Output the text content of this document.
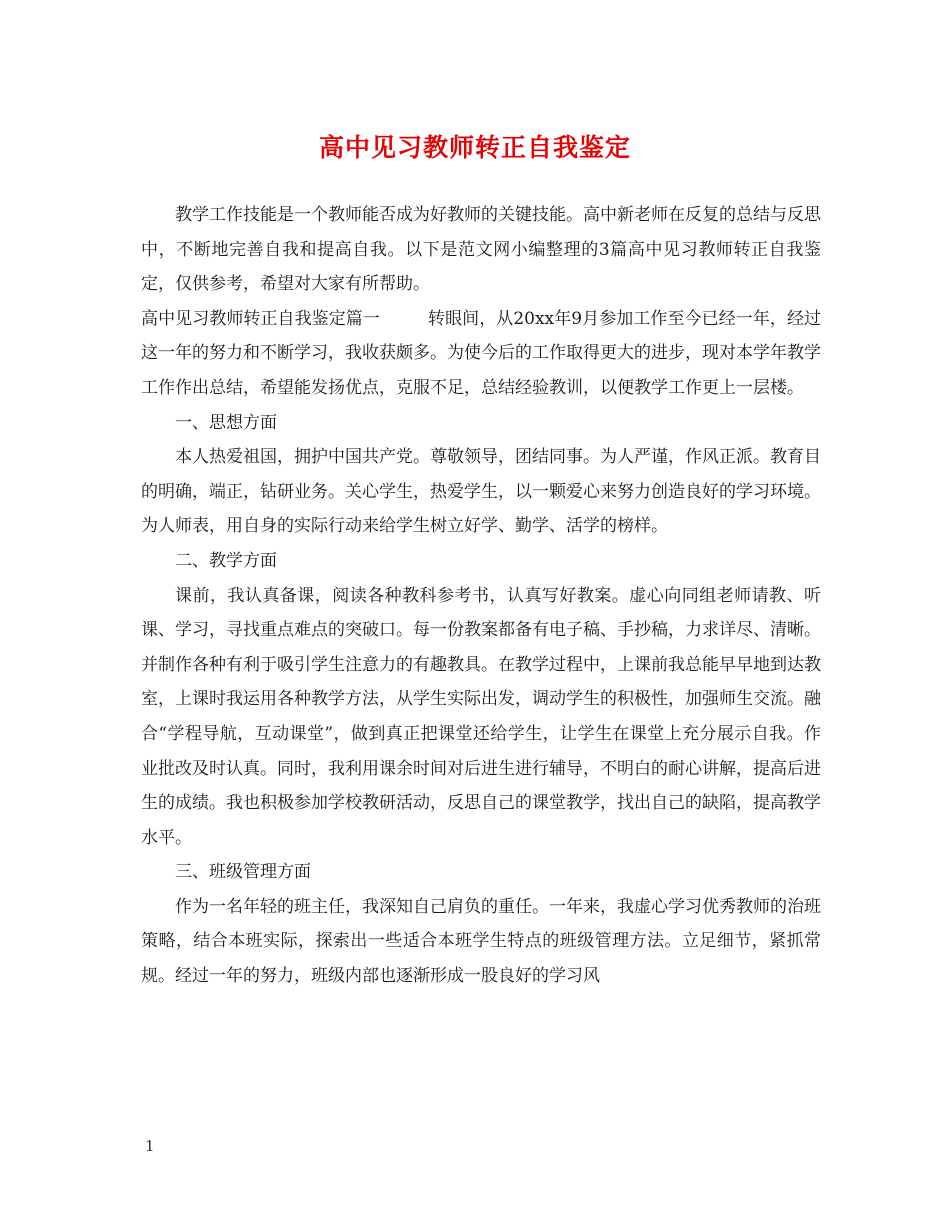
高中见习教师转正自我鉴定

教学工作技能是一个教师能否成为好教师的关键技能。高中新老师在反复的总结与反思中，不断地完善自我和提高自我。以下是范文网小编整理的3篇高中见习教师转正自我鉴定，仅供参考，希望对大家有所帮助。

高中见习教师转正自我鉴定篇一	转眼间，从20xx年9月参加工作至今已经一年，经过这一年的努力和不断学习，我收获颇多。为使今后的工作取得更大的进步，现对本学年教学工作作出总结，希望能发扬优点，克服不足，总结经验教训，以便教学工作更上一层楼。

一、思想方面

本人热爱祖国，拥护中国共产党。尊敬领导，团结同事。为人严谨，作风正派。教育目的明确，端正，钻研业务。关心学生，热爱学生，以一颗爱心来努力创造良好的学习环境。为人师表，用自身的实际行动来给学生树立好学、勤学、活学的榜样。

二、教学方面

课前，我认真备课，阅读各种教科参考书，认真写好教案。虚心向同组老师请教、听课、学习，寻找重点难点的突破口。每一份教案都备有电子稿、手抄稿，力求详尽、清晰。并制作各种有利于吸引学生注意力的有趣教具。在教学过程中，上课前我总能早早地到达教室，上课时我运用各种教学方法，从学生实际出发，调动学生的积极性，加强师生交流。融合“学程导航，互动课堂”，做到真正把课堂还给学生，让学生在课堂上充分展示自我。作业批改及时认真。同时，我利用课余时间对后进生进行辅导，不明白的耐心讲解，提高后进生的成绩。我也积极参加学校教研活动，反思自己的课堂教学，找出自己的缺陷，提高教学水平。

三、班级管理方面

作为一名年轻的班主任，我深知自己肩负的重任。一年来，我虚心学习优秀教师的治班策略，结合本班实际，探索出一些适合本班学生特点的班级管理方法。立足细节，紧抓常规。经过一年的努力，班级内部也逐渐形成一股良好的学习风

1
